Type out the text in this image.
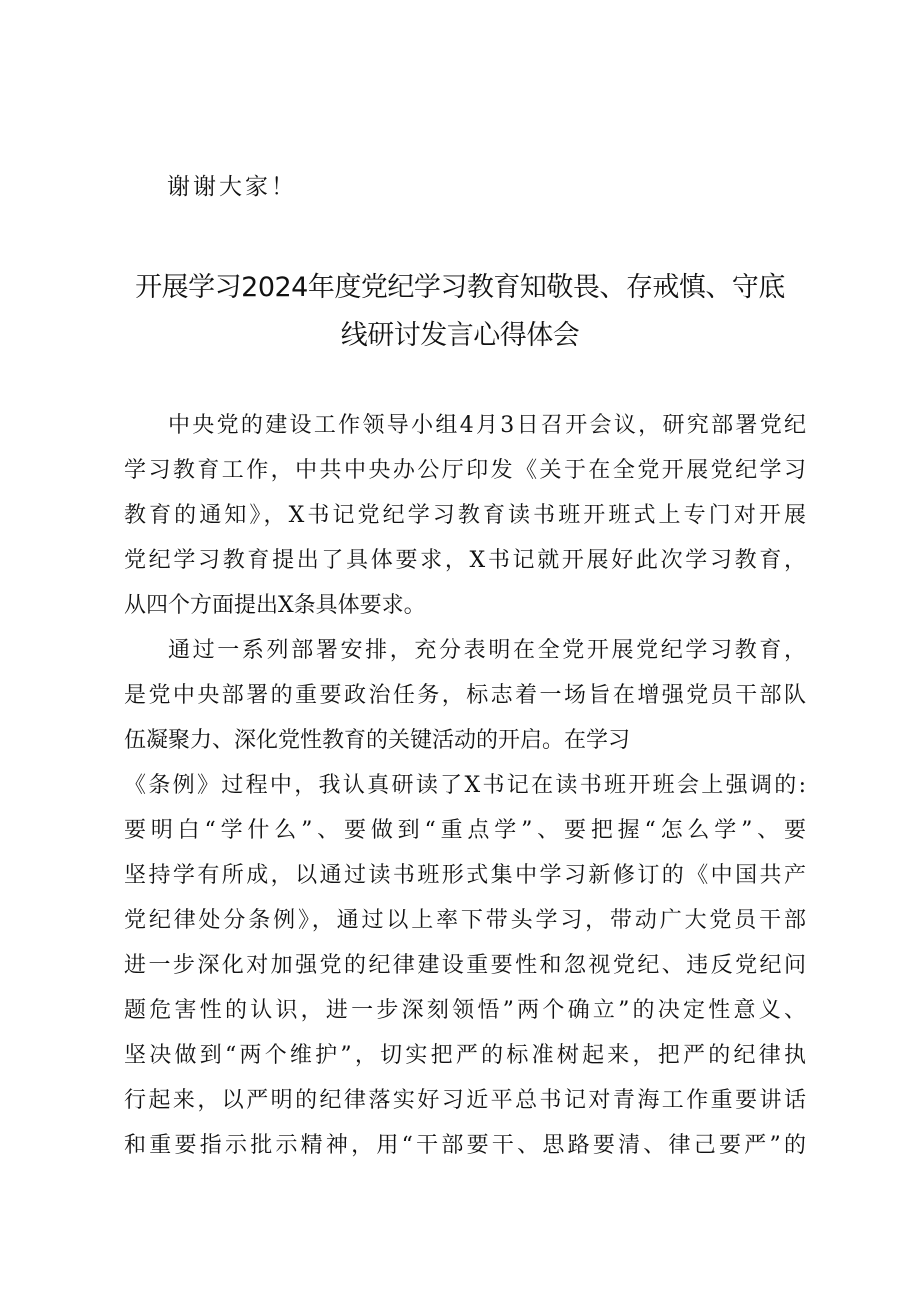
谢谢大家！
开展学习2024年度党纪学习教育知敬畏、存戒慎、守底
线研讨发言心得体会
中央党的建设工作领导小组4月3日召开会议，研究部署党纪
学习教育工作，中共中央办公厅印发《关于在全党开展党纪学习
教育的通知》，X书记党纪学习教育读书班开班式上专门对开展
党纪学习教育提出了具体要求，X书记就开展好此次学习教育，
从四个方面提出X条具体要求。
通过一系列部署安排，充分表明在全党开展党纪学习教育，
是党中央部署的重要政治任务，标志着一场旨在增强党员干部队
伍凝聚力、深化党性教育的关键活动的开启。在学习
《条例》过程中，我认真研读了X书记在读书班开班会上强调的:
要明白“学什么”、要做到“重点学”、要把握“怎么学”、要
坚持学有所成，以通过读书班形式集中学习新修订的《中国共产
党纪律处分条例》，通过以上率下带头学习，带动广大党员干部
进一步深化对加强党的纪律建设重要性和忽视党纪、违反党纪问
题危害性的认识，进一步深刻领悟”两个确立”的决定性意义、
坚决做到“两个维护”，切实把严的标准树起来，把严的纪律执
行起来，以严明的纪律落实好习近平总书记对青海工作重要讲话
和重要指示批示精神，用“干部要干、思路要清、律己要严”的
